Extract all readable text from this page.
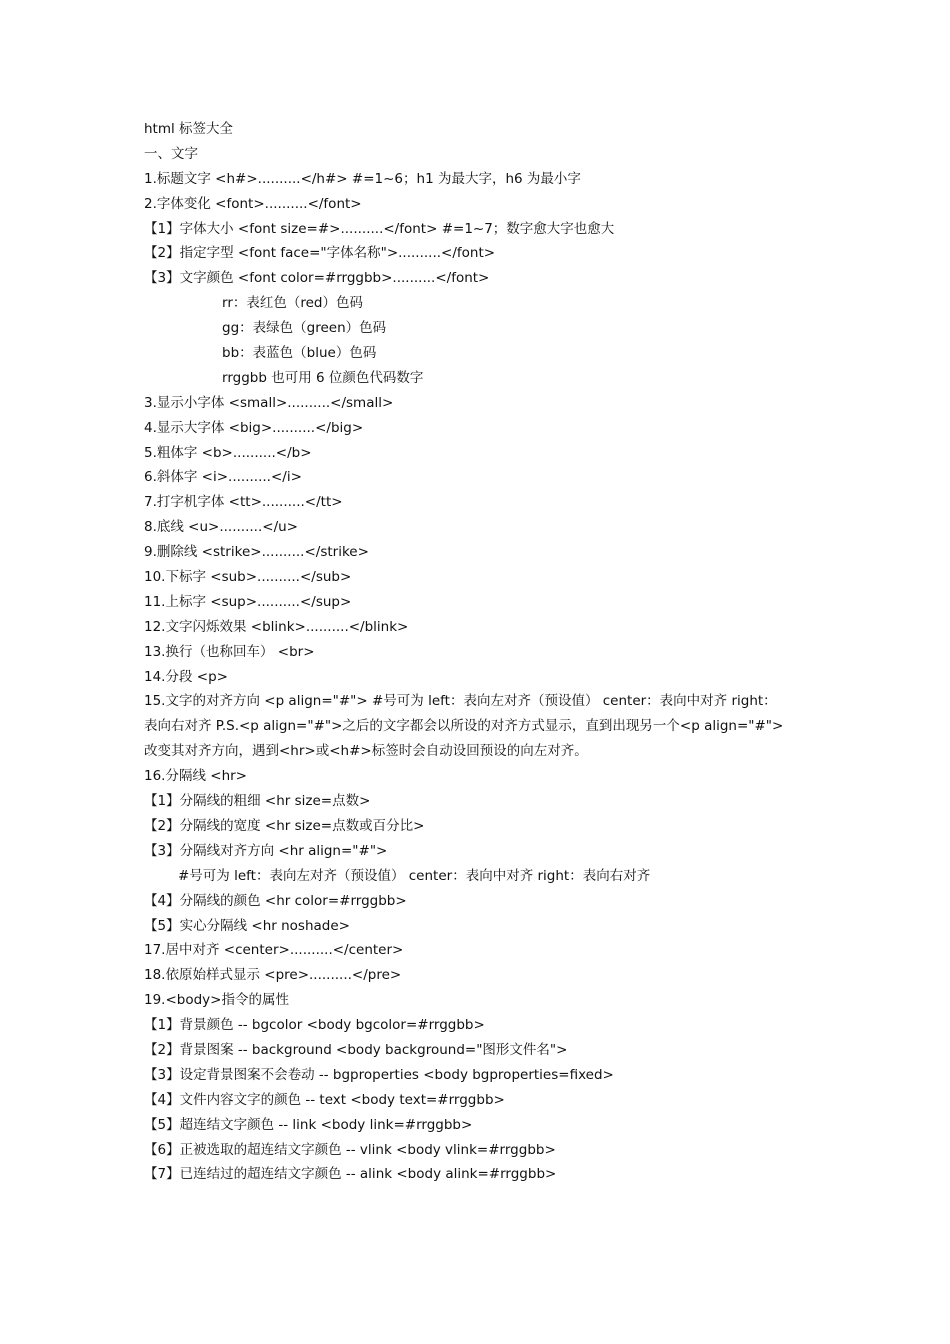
html 标签大全
一、文字
1.标题文字 <h#>..........</h#> #=1~6；h1 为最大字，h6 为最小字
2.字体变化 <font>..........</font>
【1】字体大小 <font size=#>..........</font> #=1~7；数字愈大字也愈大
【2】指定字型 <font face="字体名称">..........</font>
【3】文字颜色 <font color=#rrggbb>..........</font>
rr：表红色（red）色码
gg：表绿色（green）色码
bb：表蓝色（blue）色码
rrggbb 也可用 6 位颜色代码数字
3.显示小字体 <small>..........</small>
4.显示大字体 <big>..........</big>
5.粗体字 <b>..........</b>
6.斜体字 <i>..........</i>
7.打字机字体 <tt>..........</tt>
8.底线 <u>..........</u>
9.删除线 <strike>..........</strike>
10.下标字 <sub>..........</sub>
11.上标字 <sup>..........</sup>
12.文字闪烁效果 <blink>..........</blink>
13.换行（也称回车） <br>
14.分段 <p>
15.文字的对齐方向 <p align="#"> #号可为 left：表向左对齐（预设值） center：表向中对齐 right：
表向右对齐 P.S.<p align="#">之后的文字都会以所设的对齐方式显示，直到出现另一个<p align="#">
改变其对齐方向，遇到<hr>或<h#>标签时会自动设回预设的向左对齐。
16.分隔线 <hr>
【1】分隔线的粗细 <hr size=点数>
【2】分隔线的宽度 <hr size=点数或百分比>
【3】分隔线对齐方向 <hr align="#">
#号可为 left：表向左对齐（预设值） center：表向中对齐 right：表向右对齐
【4】分隔线的颜色 <hr color=#rrggbb>
【5】实心分隔线 <hr noshade>
17.居中对齐 <center>..........</center>
18.依原始样式显示 <pre>..........</pre>
19.<body>指令的属性
【1】背景颜色 -- bgcolor <body bgcolor=#rrggbb>
【2】背景图案 -- background <body background="图形文件名">
【3】设定背景图案不会卷动 -- bgproperties <body bgproperties=fixed>
【4】文件内容文字的颜色 -- text <body text=#rrggbb>
【5】超连结文字颜色 -- link <body link=#rrggbb>
【6】正被选取的超连结文字颜色 -- vlink <body vlink=#rrggbb>
【7】已连结过的超连结文字颜色 -- alink <body alink=#rrggbb>
